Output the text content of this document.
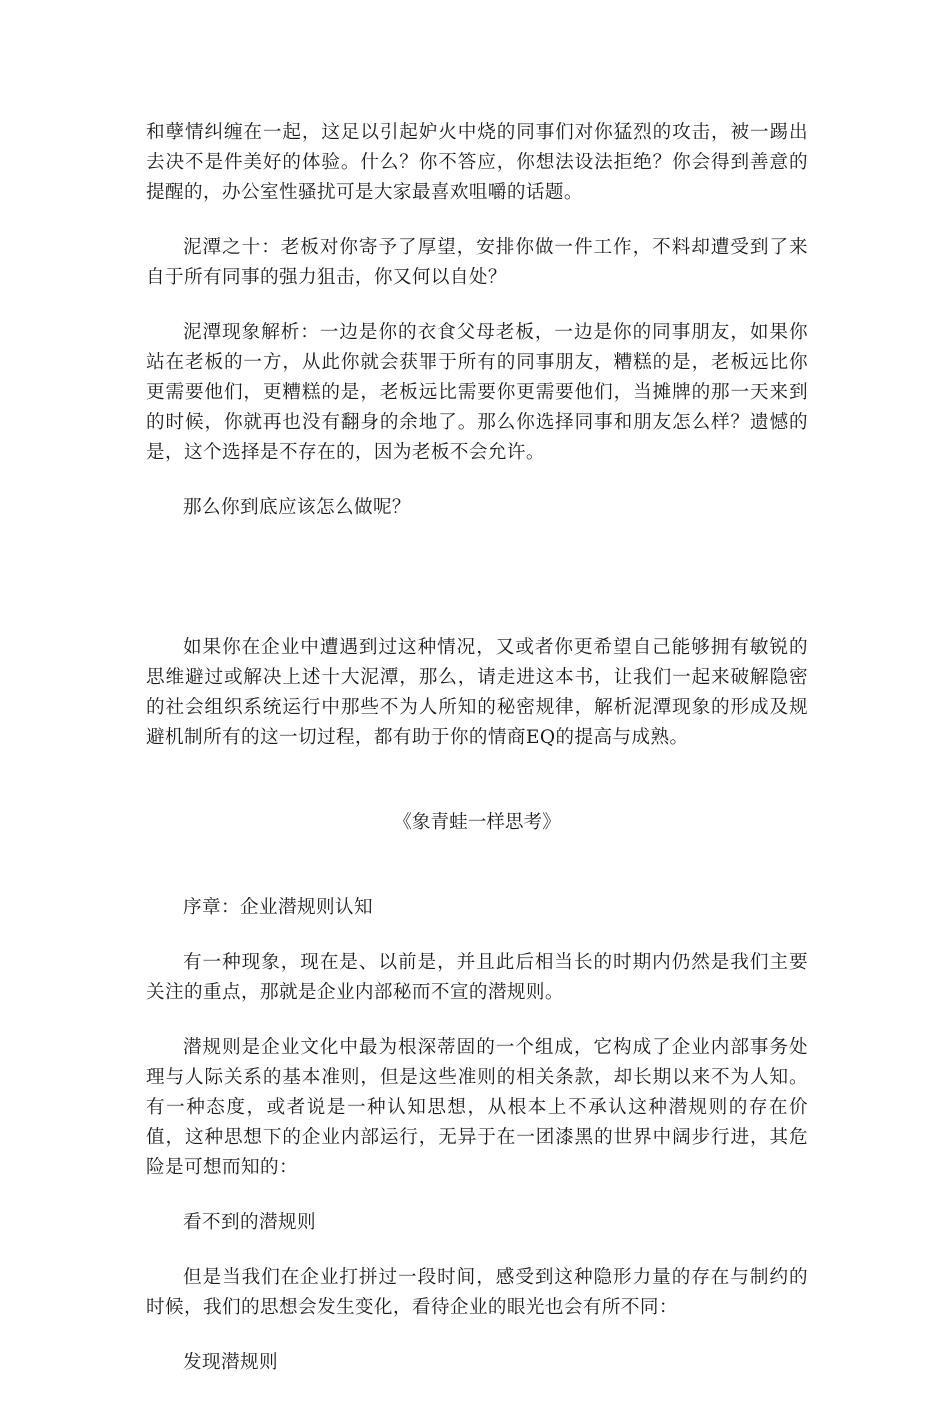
和孽情纠缠在一起，这足以引起妒火中烧的同事们对你猛烈的攻击，被一踢出去决不是件美好的体验。什么？你不答应，你想法设法拒绝？你会得到善意的提醒的，办公室性骚扰可是大家最喜欢咀嚼的话题。

泥潭之十：老板对你寄予了厚望，安排你做一件工作，不料却遭受到了来自于所有同事的强力狙击，你又何以自处？

泥潭现象解析：一边是你的衣食父母老板，一边是你的同事朋友，如果你站在老板的一方，从此你就会获罪于所有的同事朋友，糟糕的是，老板远比你更需要他们，更糟糕的是，老板远比需要你更需要他们，当摊牌的那一天来到的时候，你就再也没有翻身的余地了。那么你选择同事和朋友怎么样？遗憾的是，这个选择是不存在的，因为老板不会允许。

那么你到底应该怎么做呢？

如果你在企业中遭遇到过这种情况，又或者你更希望自己能够拥有敏锐的思维避过或解决上述十大泥潭，那么，请走进这本书，让我们一起来破解隐密的社会组织系统运行中那些不为人所知的秘密规律，解析泥潭现象的形成及规避机制所有的这一切过程，都有助于你的情商EQ的提高与成熟。

《象青蛙一样思考》

序章：企业潜规则认知

有一种现象，现在是、以前是，并且此后相当长的时期内仍然是我们主要关注的重点，那就是企业内部秘而不宣的潜规则。

潜规则是企业文化中最为根深蒂固的一个组成，它构成了企业内部事务处理与人际关系的基本准则，但是这些准则的相关条款，却长期以来不为人知。有一种态度，或者说是一种认知思想，从根本上不承认这种潜规则的存在价值，这种思想下的企业内部运行，无异于在一团漆黑的世界中阔步行进，其危险是可想而知的：

看不到的潜规则

但是当我们在企业打拼过一段时间，感受到这种隐形力量的存在与制约的时候，我们的思想会发生变化，看待企业的眼光也会有所不同：

发现潜规则
